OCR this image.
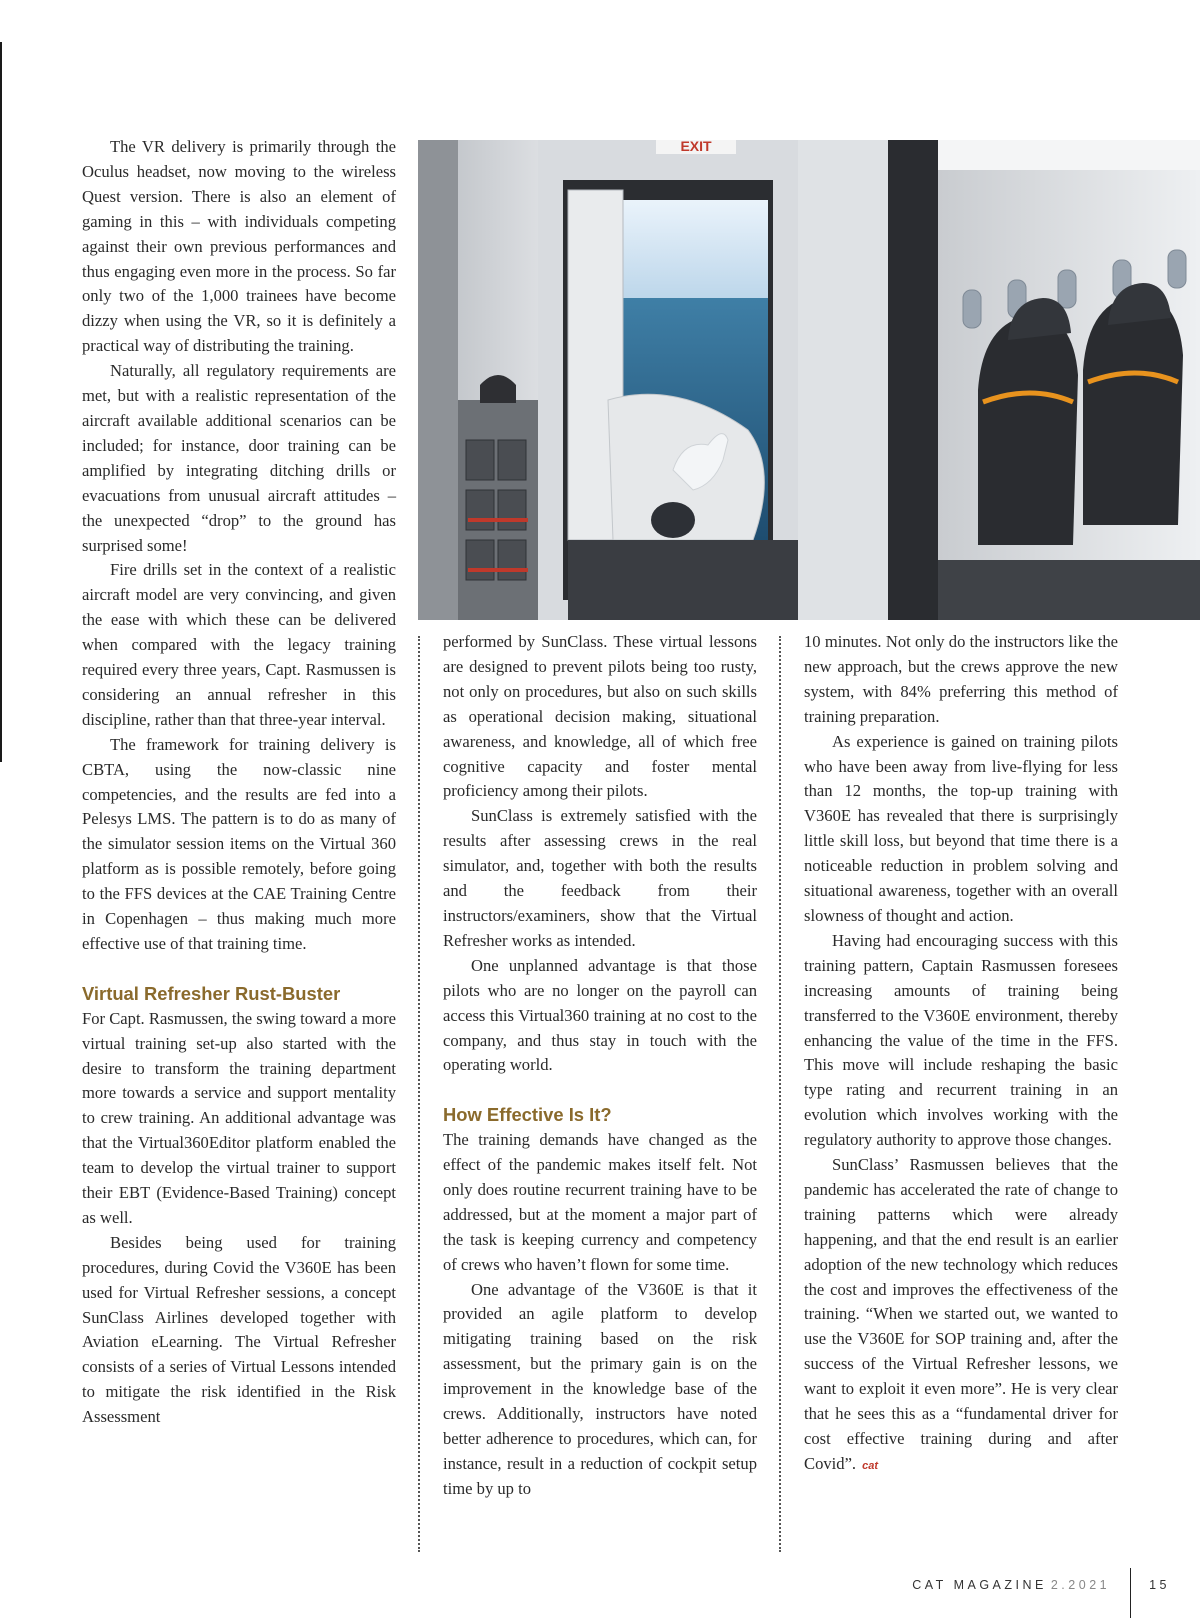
The VR delivery is primarily through the Oculus headset, now moving to the wireless Quest version. There is also an element of gaming in this – with individuals competing against their own previous performances and thus engaging even more in the process. So far only two of the 1,000 trainees have become dizzy when using the VR, so it is definitely a practical way of distributing the training.

Naturally, all regulatory requirements are met, but with a realistic representation of the aircraft available additional scenarios can be included; for instance, door training can be amplified by integrating ditching drills or evacuations from unusual aircraft attitudes – the unexpected “drop” to the ground has surprised some!

Fire drills set in the context of a realistic aircraft model are very convincing, and given the ease with which these can be delivered when compared with the legacy training required every three years, Capt. Rasmussen is considering an annual refresher in this discipline, rather than that three-year interval.

The framework for training delivery is CBTA, using the now-classic nine competencies, and the results are fed into a Pelesys LMS. The pattern is to do as many of the simulator session items on the Virtual 360 platform as is possible remotely, before going to the FFS devices at the CAE Training Centre in Copenhagen – thus making much more effective use of that training time.

Virtual Refresher Rust-Buster

For Capt. Rasmussen, the swing toward a more virtual training set-up also started with the desire to transform the training department more towards a service and support mentality to crew training. An additional advantage was that the Virtual360Editor platform enabled the team to develop the virtual trainer to support their EBT (Evidence-Based Training) concept as well.

Besides being used for training procedures, during Covid the V360E has been used for Virtual Refresher sessions, a concept SunClass Airlines developed together with Aviation eLearning. The Virtual Refresher consists of a series of Virtual Lessons intended to mitigate the risk identified in the Risk Assessment

EXIT

performed by SunClass. These virtual lessons are designed to prevent pilots being too rusty, not only on procedures, but also on such skills as operational decision making, situational awareness, and knowledge, all of which free cognitive capacity and foster mental proficiency among their pilots.

SunClass is extremely satisfied with the results after assessing crews in the real simulator, and, together with both the results and the feedback from their instructors/examiners, show that the Virtual Refresher works as intended.

One unplanned advantage is that those pilots who are no longer on the payroll can access this Virtual360 training at no cost to the company, and thus stay in touch with the operating world.

How Effective Is It?

The training demands have changed as the effect of the pandemic makes itself felt. Not only does routine recurrent training have to be addressed, but at the moment a major part of the task is keeping currency and competency of crews who haven’t flown for some time.

One advantage of the V360E is that it provided an agile platform to develop mitigating training based on the risk assessment, but the primary gain is on the improvement in the knowledge base of the crews. Additionally, instructors have noted better adherence to procedures, which can, for instance, result in a reduction of cockpit setup time by up to

10 minutes. Not only do the instructors like the new approach, but the crews approve the new system, with 84% preferring this method of training preparation.

As experience is gained on training pilots who have been away from live-flying for less than 12 months, the top-up training with V360E has revealed that there is surprisingly little skill loss, but beyond that time there is a noticeable reduction in problem solving and situational awareness, together with an overall slowness of thought and action.

Having had encouraging success with this training pattern, Captain Rasmussen foresees increasing amounts of training being transferred to the V360E environment, thereby enhancing the value of the time in the FFS. This move will include reshaping the basic type rating and recurrent training in an evolution which involves working with the regulatory authority to approve those changes.

SunClass’ Rasmussen believes that the pandemic has accelerated the rate of change to training patterns which were already happening, and that the end result is an earlier adoption of the new technology which reduces the cost and improves the effectiveness of the training. “When we started out, we wanted to use the V360E for SOP training and, after the success of the Virtual Refresher lessons, we want to exploit it even more”. He is very clear that he sees this as a “fundamental driver for cost effective training during and after Covid”. cat

CAT MAGAZINE 2.2021	15
